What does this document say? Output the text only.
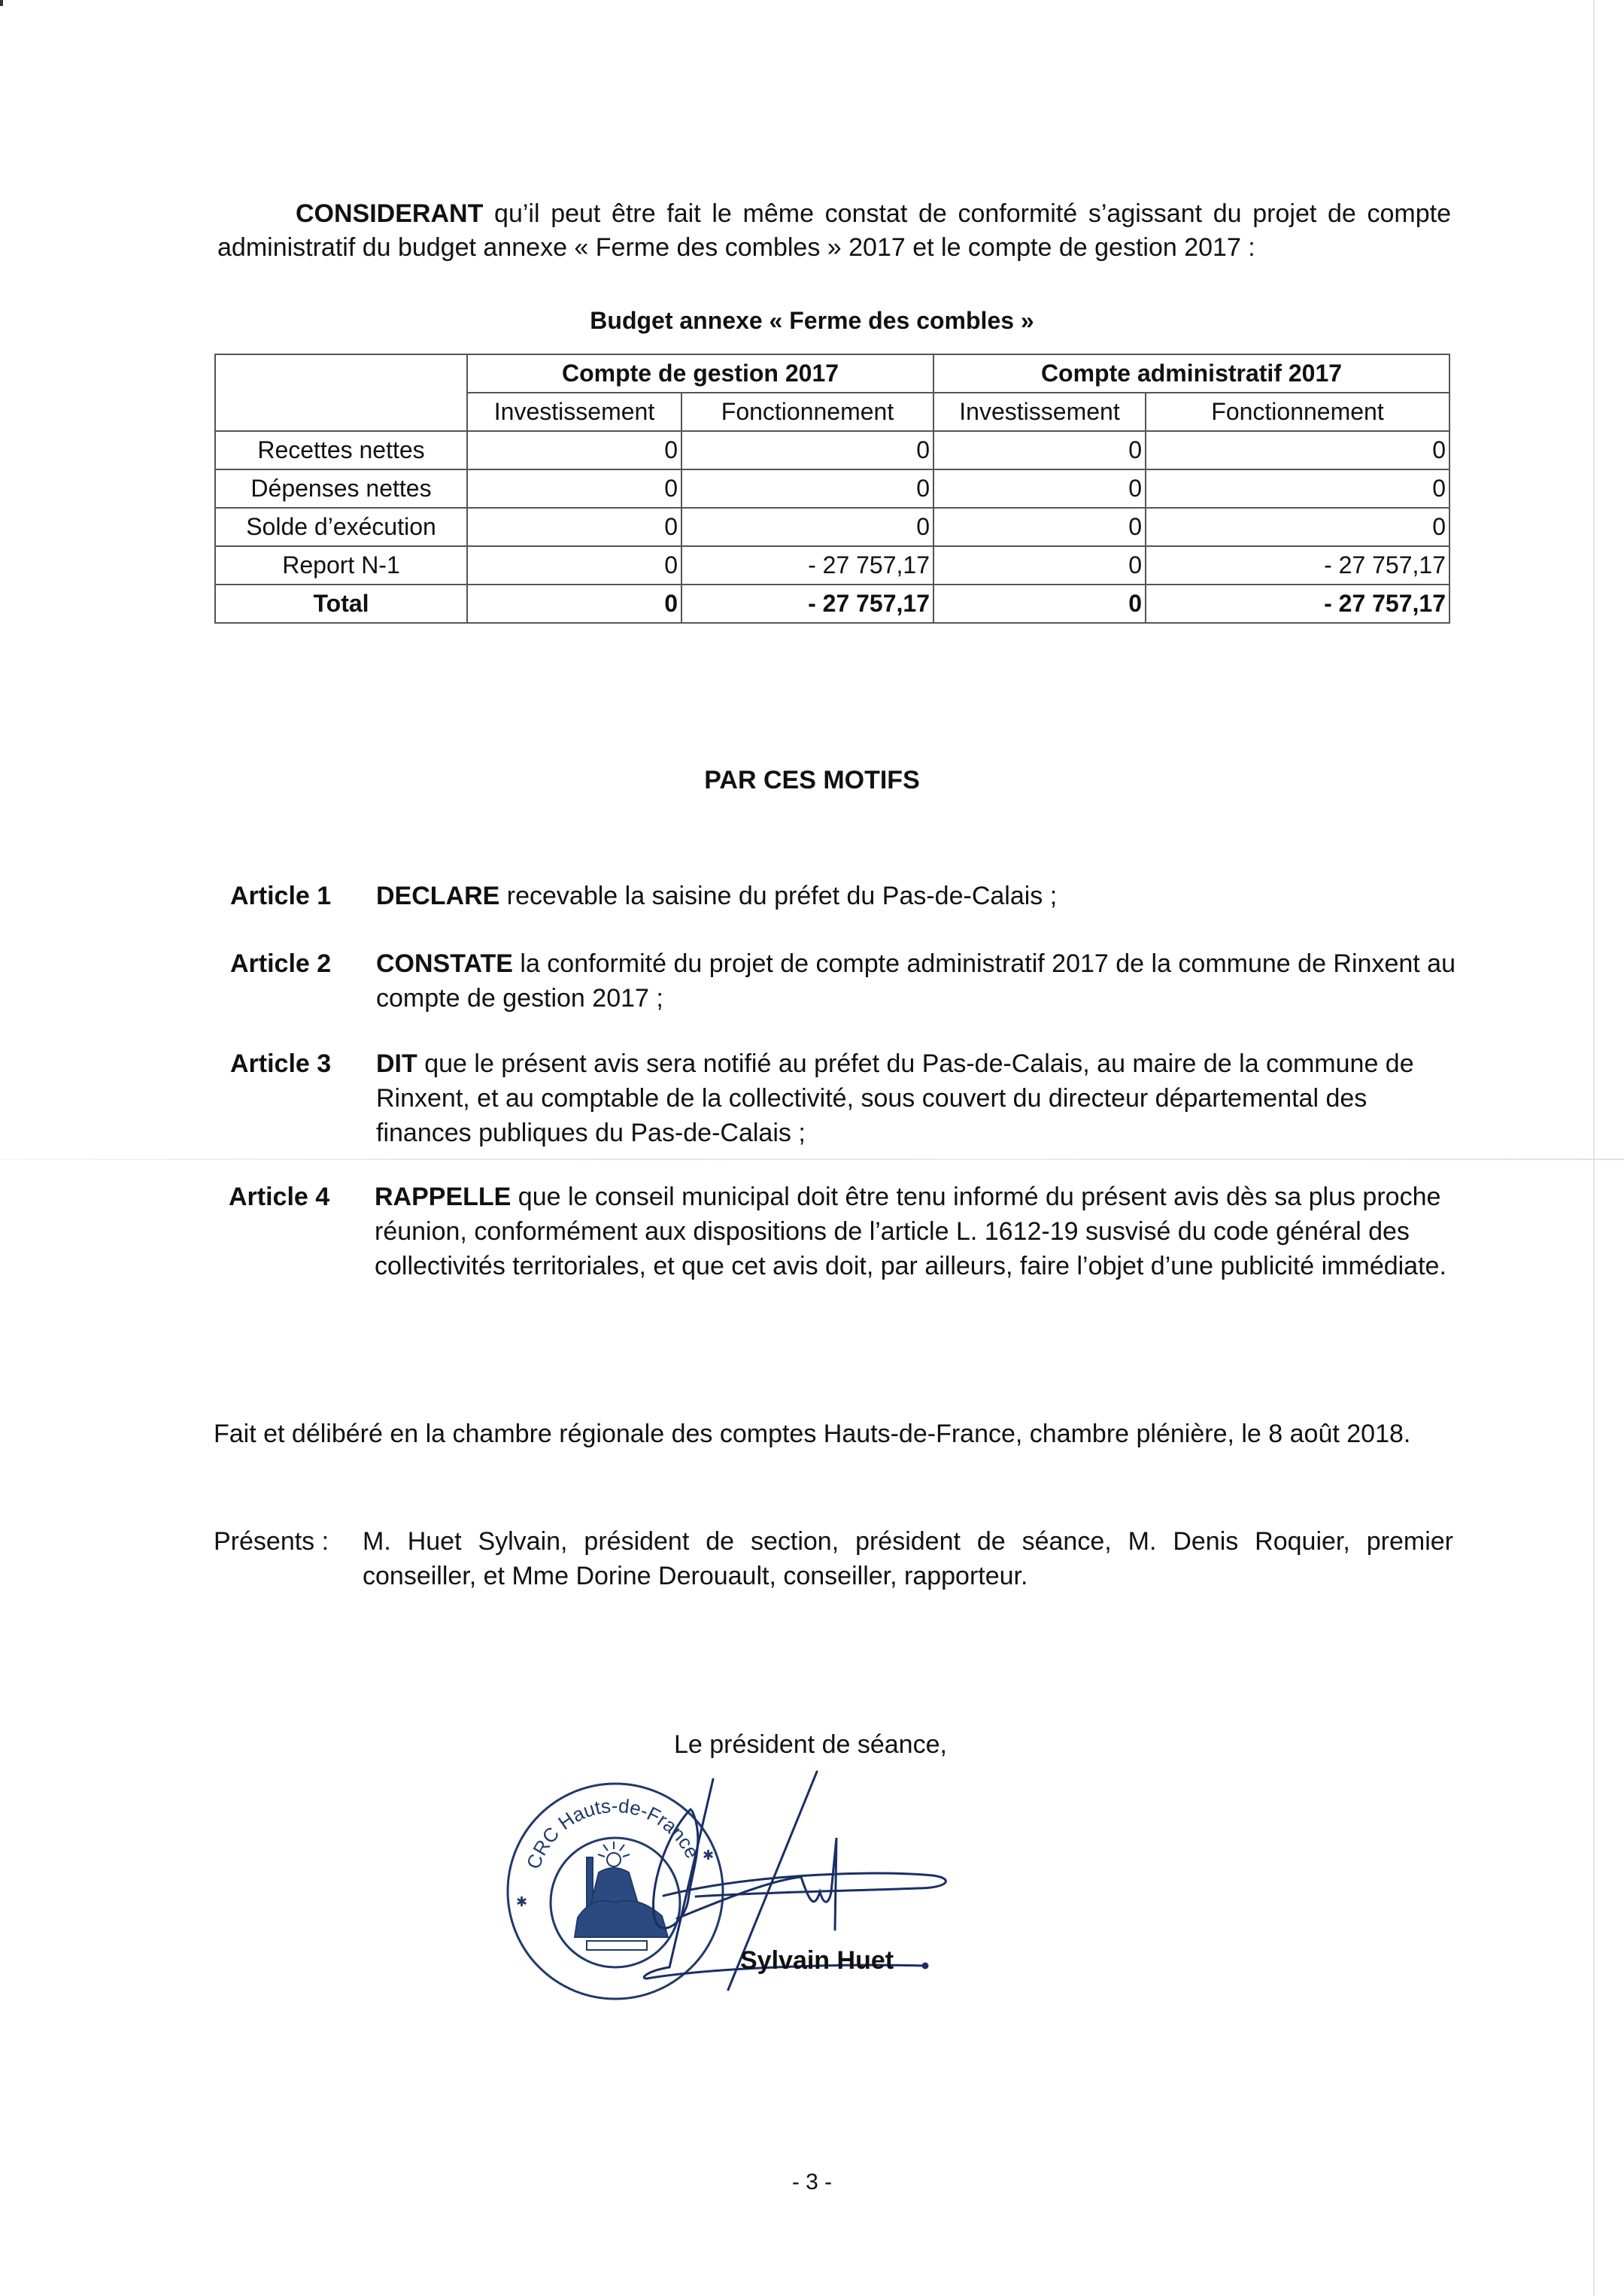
CONSIDERANT qu’il peut être fait le même constat de conformité s’agissant du projet de compte administratif du budget annexe « Ferme des combles » 2017 et le compte de gestion 2017 :

Budget annexe « Ferme des combles »
	Compte de gestion 2017		Compte administratif 2017	
	Investissement	Fonctionnement	Investissement	Fonctionnement
Recettes nettes	0	0	0	0
Dépenses nettes	0	0	0	0
Solde d’exécution	0	0	0	0
Report N-1	0	- 27 757,17	0	- 27 757,17
Total	0	- 27 757,17	0	- 27 757,17
PAR CES MOTIFS
Article 1 DECLARE recevable la saisine du préfet du Pas-de-Calais ;
Article 2 CONSTATE la conformité du projet de compte administratif 2017 de la commune de Rinxent au compte de gestion 2017 ;
Article 3 DIT que le présent avis sera notifié au préfet du Pas-de-Calais, au maire de la commune de Rinxent, et au comptable de la collectivité, sous couvert du directeur départemental des finances publiques du Pas-de-Calais ;
Article 4 RAPPELLE que le conseil municipal doit être tenu informé du présent avis dès sa plus proche réunion, conformément aux dispositions de l’article L. 1612-19 susvisé du code général des collectivités territoriales, et que cet avis doit, par ailleurs, faire l’objet d’une publicité immédiate.

Fait et délibéré en la chambre régionale des comptes Hauts-de-France, chambre plénière, le 8 août 2018.

Présents : M. Huet Sylvain, président de section, président de séance, M. Denis Roquier, premier conseiller, et Mme Dorine Derouault, conseiller, rapporteur.
Le président de séance,
CRC Hauts-de-France
✱
✱
Sylvain Huet
- 3 -
